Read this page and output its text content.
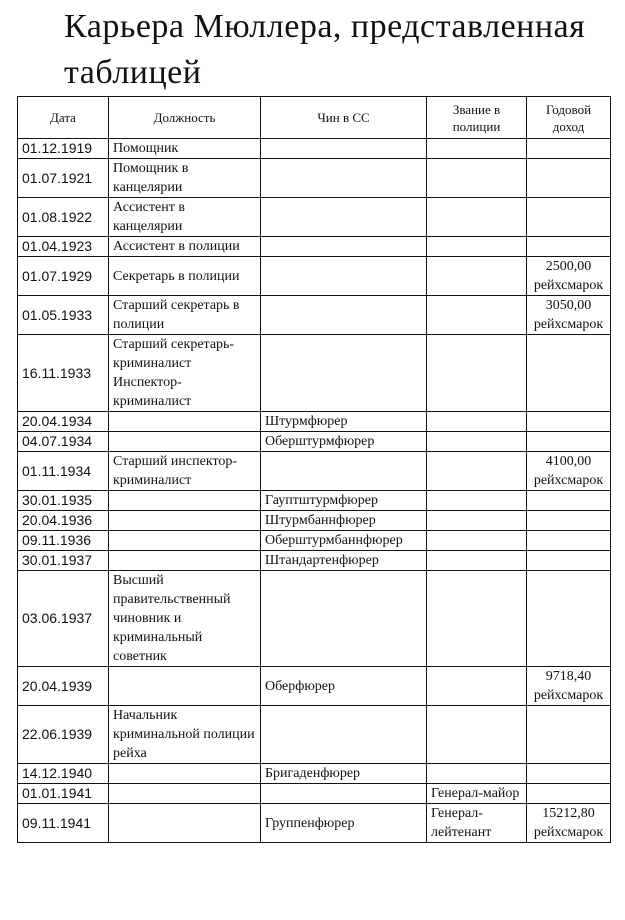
Карьера Мюллера, представленная таблицей
Дата	Должность	Чин в СС	Звание в полиции	Годовой доход
01.12.1919	Помощник			
01.07.1921	Помощник в канцелярии			
01.08.1922	Ассистент в канцелярии			
01.04.1923	Ассистент в полиции			
01.07.1929	Секретарь в полиции			2500,00 рейхсмарок
01.05.1933	Старший секретарь в полиции			3050,00 рейхсмарок
16.11.1933	Старший секретарь-криминалист Инспектор-криминалист			
20.04.1934		Штурмфюрер		
04.07.1934		Оберштурмфюрер		
01.11.1934	Старший инспектор-криминалист			4100,00 рейхсмарок
30.01.1935		Гауптштурмфюрер		
20.04.1936		Штурмбаннфюрер		
09.11.1936		Оберштурмбаннфюрер		
30.01.1937		Штандартенфюрер		
03.06.1937	Высший правительственный чиновник и криминальный советник			
20.04.1939		Оберфюрер		9718,40 рейхсмарок
22.06.1939	Начальник криминальной полиции рейха			
14.12.1940		Бригаденфюрер		
01.01.1941			Генерал-майор	
09.11.1941		Группенфюрер	Генерал-лейтенант	15212,80 рейхсмарок
